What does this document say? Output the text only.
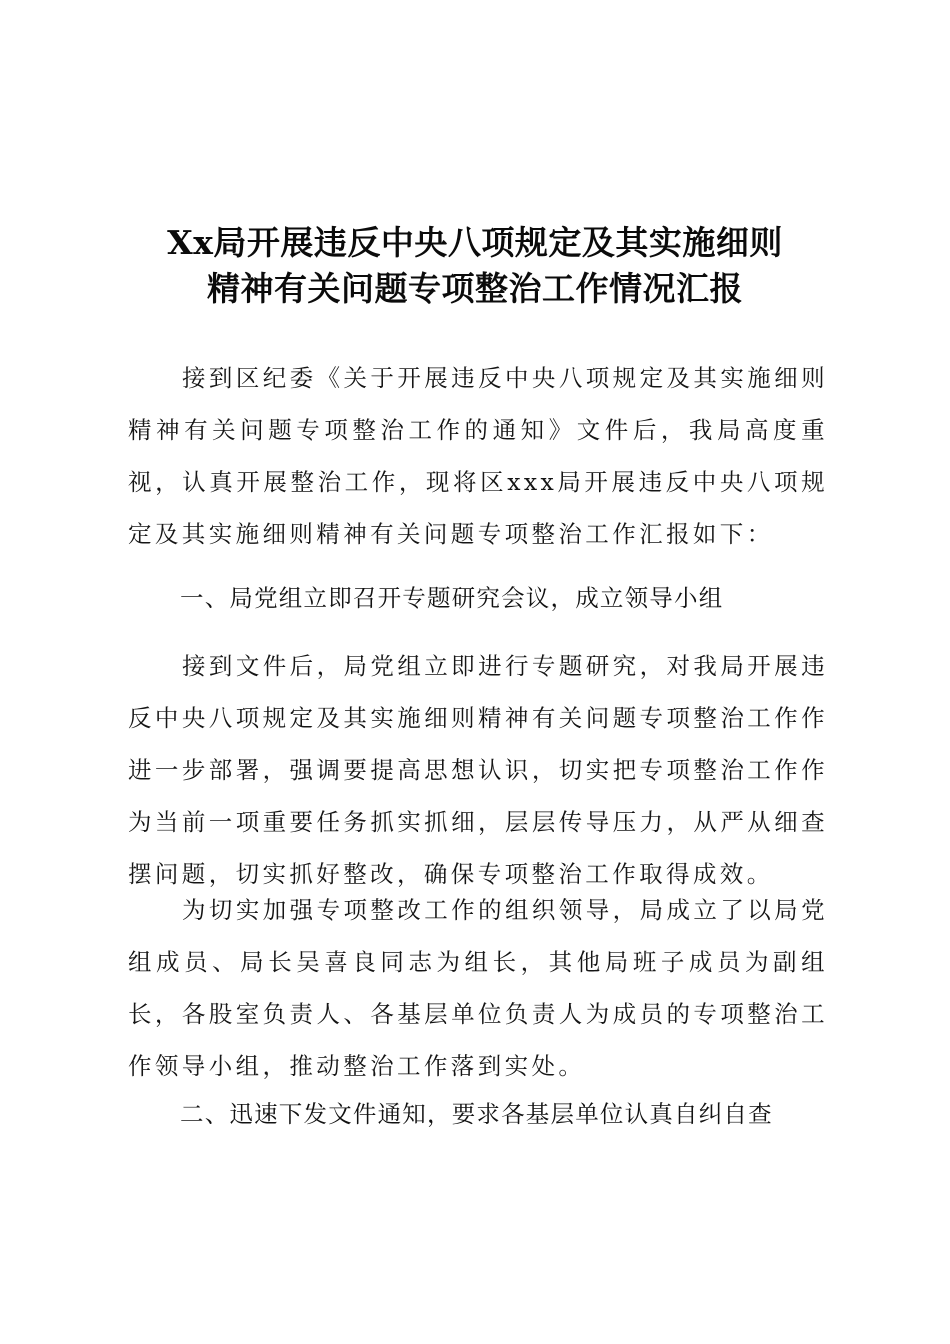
Xx局开展违反中央八项规定及其实施细则
精神有关问题专项整治工作情况汇报

接到区纪委《关于开展违反中央八项规定及其实施细则精神有关问题专项整治工作的通知》文件后，我局高度重视，认真开展整治工作，现将区xxx局开展违反中央八项规定及其实施细则精神有关问题专项整治工作汇报如下：

一、局党组立即召开专题研究会议，成立领导小组

接到文件后，局党组立即进行专题研究，对我局开展违反中央八项规定及其实施细则精神有关问题专项整治工作作进一步部署，强调要提高思想认识，切实把专项整治工作作为当前一项重要任务抓实抓细，层层传导压力，从严从细查摆问题，切实抓好整改，确保专项整治工作取得成效。

为切实加强专项整改工作的组织领导，局成立了以局党组成员、局长吴喜良同志为组长，其他局班子成员为副组长，各股室负责人、各基层单位负责人为成员的专项整治工作领导小组，推动整治工作落到实处。

二、迅速下发文件通知，要求各基层单位认真自纠自查
